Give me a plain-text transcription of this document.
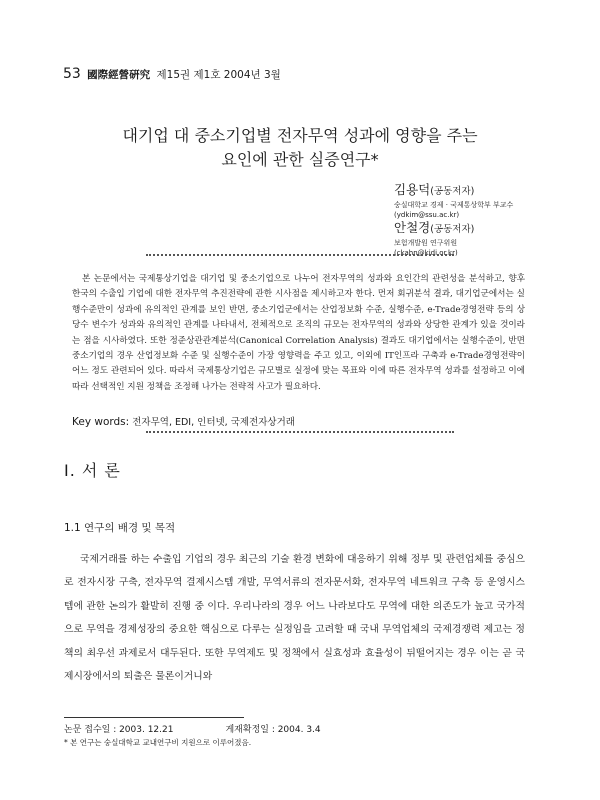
53 國際經營硏究 제15권 제1호 2004년 3월
대기업 대 중소기업별 전자무역 성과에 영향을 주는
요인에 관한 실증연구*
김용덕(공동저자)
숭실대학교 경제 · 국제통상학부 부교수
(ydkim@ssu.ac.kr)
안철경(공동저자)
보험개발원 연구위원
(ckahn@kidi.or.kr)
본 논문에서는 국제통상기업을 대기업 및 중소기업으로 나누어 전자무역의 성과와 요인간의 관련성을 분석하고, 향후 한국의 수출입 기업에 대한 전자무역 추진전략에 관한 시사점을 제시하고자 한다. 먼저 회귀분석 결과, 대기업군에서는 실행수준만이 성과에 유의적인 관계를 보인 반면, 중소기업군에서는 산업정보화 수준, 실행수준, e-Trade경영전략 등의 상당수 변수가 성과와 유의적인 관계를 나타내서, 전체적으로 조직의 규모는 전자무역의 성과와 상당한 관계가 있을 것이라는 점을 시사하였다. 또한 정준상관관계분석(Canonical Correlation Analysis) 결과도 대기업에서는 실행수준이, 반면 중소기업의 경우 산업정보화 수준 및 실행수준이 가장 영향력을 주고 있고, 이외에 IT인프라 구축과 e-Trade경영전략이 어느 정도 관련되어 있다. 따라서 국제통상기업은 규모별로 실정에 맞는 목표와 이에 따른 전자무역 성과를 설정하고 이에 따라 선택적인 지원 정책을 조정해 나가는 전략적 사고가 필요하다.
Key words: 전자무역, EDI, 인터넷, 국제전자상거래
Ⅰ. 서 론
1.1 연구의 배경 및 목적
국제거래를 하는 수출입 기업의 경우 최근의 기술 환경 변화에 대응하기 위해 정부 및 관련업체를 중심으로 전자시장 구축, 전자무역 결제시스템 개발, 무역서류의 전자문서화, 전자무역 네트워크 구축 등 운영시스템에 관한 논의가 활발히 진행 중 이다. 우리나라의 경우 어느 나라보다도 무역에 대한 의존도가 높고 국가적으로 무역을 경제성장의 중요한 핵심으로 다루는 실정임을 고려할 때 국내 무역업체의 국제경쟁력 제고는 정책의 최우선 과제로서 대두된다. 또한 무역제도 및 정책에서 실효성과 효율성이 뒤떨어지는 경우 이는 곧 국제시장에서의 퇴출은 물론이거니와
논문 접수일 : 2003. 12.21	게재확정일 : 2004. 3.4
* 본 연구는 숭실대학교 교내연구비 지원으로 이루어졌음.
